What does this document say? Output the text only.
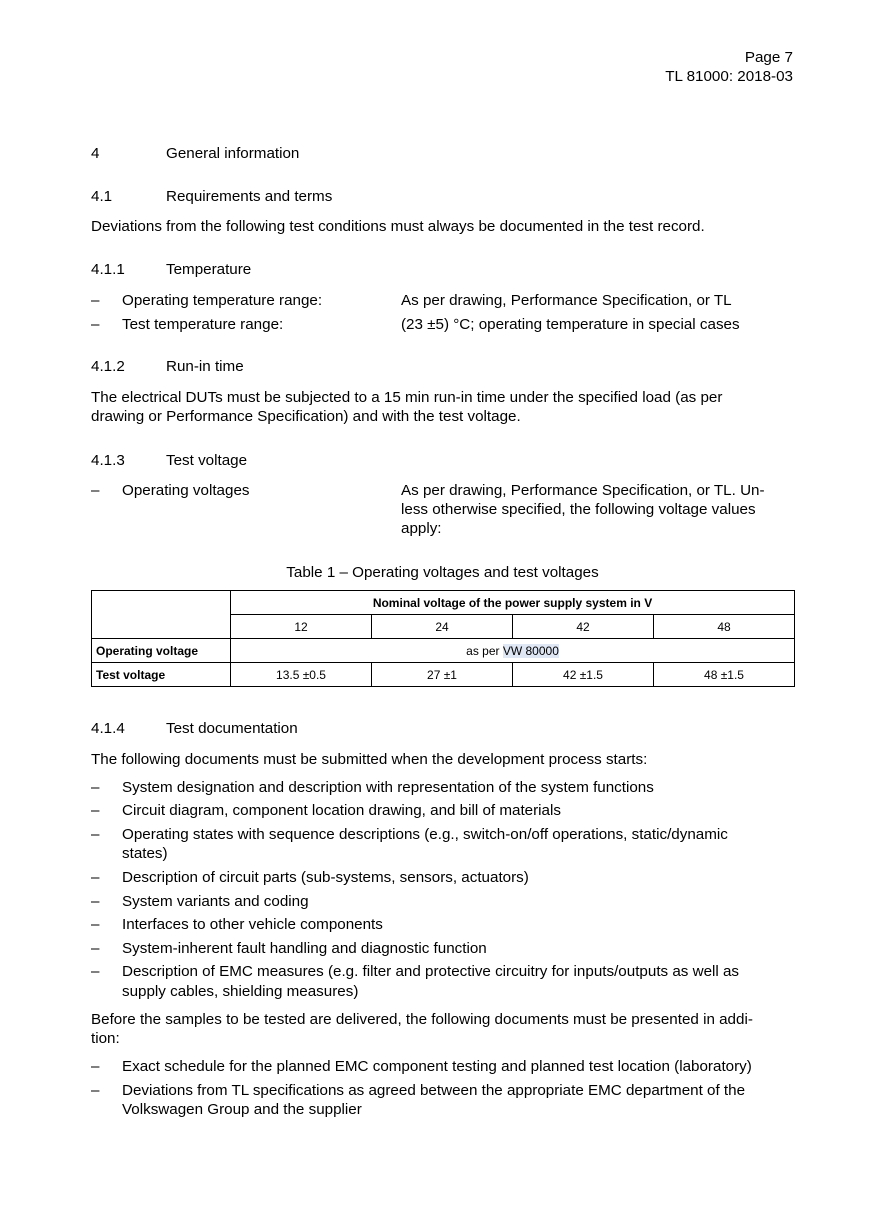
Page 7
TL 81000: 2018-03
4	General information
4.1	Requirements and terms
Deviations from the following test conditions must always be documented in the test record.
4.1.1	Temperature
– Operating temperature range:	As per drawing, Performance Specification, or TL
– Test temperature range:	(23 ±5) °C; operating temperature in special cases
4.1.2	Run-in time
The electrical DUTs must be subjected to a 15 min run-in time under the specified load (as per
drawing or Performance Specification) and with the test voltage.
4.1.3	Test voltage
– Operating voltages	As per drawing, Performance Specification, or TL. Un-
less otherwise specified, the following voltage values
apply:
Table 1 – Operating voltages and test voltages
	Nominal voltage of the power supply system in V			
	12	24	42	48
Operating voltage	as per VW 80000			
Test voltage	13.5 ±0.5	27 ±1	42 ±1.5	48 ±1.5
4.1.4	Test documentation
The following documents must be submitted when the development process starts:
– System designation and description with representation of the system functions
– Circuit diagram, component location drawing, and bill of materials
– Operating states with sequence descriptions (e.g., switch-on/off operations, static/dynamic
states)
– Description of circuit parts (sub-systems, sensors, actuators)
– System variants and coding
– Interfaces to other vehicle components
– System-inherent fault handling and diagnostic function
– Description of EMC measures (e.g. filter and protective circuitry for inputs/outputs as well as
supply cables, shielding measures)
Before the samples to be tested are delivered, the following documents must be presented in addi-
tion:
– Exact schedule for the planned EMC component testing and planned test location (laboratory)
– Deviations from TL specifications as agreed between the appropriate EMC department of the
Volkswagen Group and the supplier
